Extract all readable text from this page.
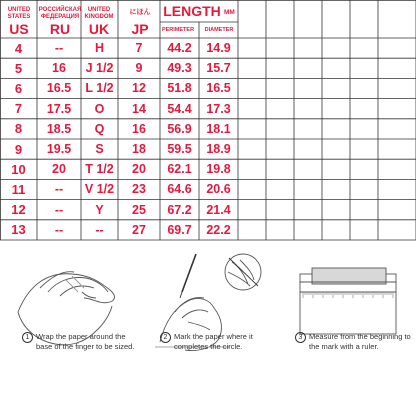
UNITED
STATES
US
РОССИЙСКАЯ
ФЕДЕРАЦИЯ
RU
UNITED
KINGDOM
UK
にほん
JP
LENGTH MM
PERIMETER	DIAMETER
4	--	H	7	44.2	14.9
5	16	J 1/2	9	49.3	15.7
6	16.5	L 1/2	12	51.8	16.5
7	17.5	O	14	54.4	17.3
8	18.5	Q	16	56.9	18.1
9	19.5	S	18	59.5	18.9
10	20	T 1/2	20	62.1	19.8
11	--	V 1/2	23	64.6	20.6
12	--	Y	25	67.2	21.4
13	--	--	27	69.7	22.2
1 Wrap the paper around the
base of the finger to be sized.
2 Mark the paper where it
completes the circle.
3 Measure from the beginning to
the mark with a ruler.
